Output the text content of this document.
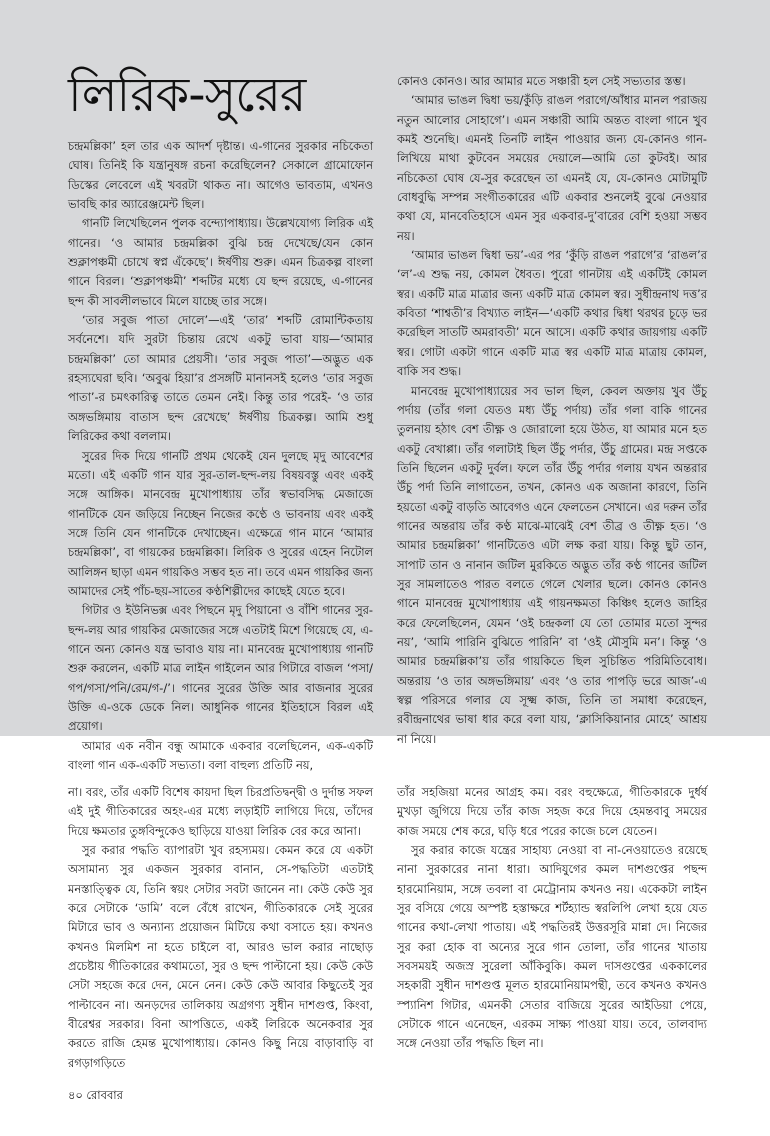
লিরিক-সুরের

চন্দ্রমল্লিকা’ হল তার এক আদর্শ দৃষ্টান্ত। এ-গানের সুরকার নচিকেতা ঘোষ। তিনিই কি যন্ত্রানুষঙ্গ রচনা করেছিলেন? সেকালে গ্রামোফোন ডিস্কের লেবেলে এই খবরটা থাকত না। আগেও ভাবতাম, এখনও ভাবছি কার অ্যারেঞ্জমেন্ট ছিল।

গানটি লিখেছিলেন পুলক বন্দ্যোপাধ্যায়। উল্লেখযোগ্য লিরিক এই গানের। ‘ও আমার চন্দ্রমল্লিকা বুঝি চন্দ্র দেখেছে/যেন কোন শুক্লাপঞ্চমী চোখে স্বপ্ন এঁকেছে’। ঈর্ষণীয় শুরু। এমন চিত্রকল্প বাংলা গানে বিরল। ‘শুক্লাপঞ্চমী’ শব্দটির মধ্যে যে ছন্দ রয়েছে, এ-গানের ছন্দ কী সাবলীলভাবে মিলে যাচ্ছে তার সঙ্গে।

‘তার সবুজ পাতা দোলে’—এই ‘তার’ শব্দটি রোমান্টিকতায় সর্বনেশে। যদি সুরটা চিন্তায় রেখে একটু ভাবা যায়—‘আমার চন্দ্রমল্লিকা’ তো আমার প্রেয়সী। ‘তার সবুজ পাতা’—অদ্ভুত এক রহস্যঘেরা ছবি। ‘অবুঝ হিয়া’র প্রসঙ্গটি মানানসই হলেও ‘তার সবুজ পাতা’-র চমৎকারিত্ব তাতে তেমন নেই। কিন্তু তার পরেই- ‘ও তার অঙ্গভঙ্গিমায় বাতাস ছন্দ রেখেছে’ ঈর্ষণীয় চিত্রকল্প। আমি শুধু লিরিকের কথা বললাম।

সুরের দিক দিয়ে গানটি প্রথম থেকেই যেন দুলছে মৃদু আবেশের মতো। এই একটি গান যার সুর-তাল-ছন্দ-লয় বিষয়বস্তু এবং একই সঙ্গে আঙ্গিক। মানবেন্দ্র মুখোপাধ্যায় তাঁর স্বভাবসিদ্ধ মেজাজে গানটিকে যেন জড়িয়ে নিচ্ছেন নিজের কণ্ঠে ও ভাবনায় এবং একই সঙ্গে তিনি যেন গানটিকে দেখাচ্ছেন। এক্ষেত্রে গান মানে ‘আমার চন্দ্রমল্লিকা’, বা গায়কের চন্দ্রমল্লিকা। লিরিক ও সুরের এহেন নিটোল আলিঙ্গন ছাড়া এমন গায়কিও সম্ভব হত না। তবে এমন গায়কির জন্য আমাদের সেই পাঁচ-ছয়-সাতের কণ্ঠশিল্পীদের কাছেই যেতে হবে।

গিটার ও ইউনিভক্স এবং পিছনে মৃদু পিয়ানো ও বাঁশি গানের সুর-ছন্দ-লয় আর গায়কির মেজাজের সঙ্গে এতটাই মিশে গিয়েছে যে, এ-গানে অন্য কোনও যন্ত্র ভাবাও যায় না। মানবেন্দ্র মুখোপাধ্যায় গানটি শুরু করলেন, একটি মাত্র লাইন গাইলেন আর গিটারে বাজল ‘পসা/গপ/গসা/পনি/রেম/গ-/’। গানের সুরের উক্তি আর বাজনার সুরের উক্তি এ-ওকে ডেকে নিল। আধুনিক গানের ইতিহাসে বিরল এই প্রয়োগ।

আমার এক নবীন বন্ধু আমাকে একবার বলেছিলেন, এক-একটি বাংলা গান এক-একটি সভ্যতা। বলা বাহুল্য প্রতিটি নয়,

কোনও কোনও। আর আমার মতে সঞ্চারী হল সেই সভ্যতার স্তম্ভ।

‘আমার ভাঙল দ্বিধা ভয়/কুঁড়ি রাঙল পরাগে/আঁধার মানল পরাজয় নতুন আলোর সোহাগে’। এমন সঞ্চারী আমি অন্তত বাংলা গানে খুব কমই শুনেছি। এমনই তিনটি লাইন পাওয়ার জন্য যে-কোনও গান-লিখিয়ে মাথা কুটবেন সময়ের দেয়ালে—আমি তো কুটবই। আর নচিকেতা ঘোষ যে-সুর করেছেন তা এমনই যে, যে-কোনও মোটামুটি বোধবুদ্ধি সম্পন্ন সংগীতকারের এটি একবার শুনলেই বুঝে নেওয়ার কথা যে, মানবেতিহাসে এমন সুর একবার-দু’বারের বেশি হওয়া সম্ভব নয়।

‘আমার ভাঙল দ্বিধা ভয়’-এর পর ‘কুঁড়ি রাঙল পরাগে’র ‘রাঙল’র ‘ল’-এ শুদ্ধ নয়, কোমল ধৈবত। পুরো গানটায় এই একটিই কোমল স্বর। একটি মাত্র মাত্রার জন্য একটি মাত্র কোমল স্বর। সুধীন্দ্রনাথ দত্ত’র কবিতা ‘শাশ্বতী’র বিখ্যাত লাইন—‘একটি কথার দ্বিধা থরথর চূড়ে ভর করেছিল সাতটি অমরাবতী’ মনে আসে। একটি কথার জায়গায় একটি স্বর। গোটা একটা গানে একটি মাত্র স্বর একটি মাত্র মাত্রায় কোমল, বাকি সব শুদ্ধ।

মানবেন্দ্র মুখোপাধ্যায়ের সব ভাল ছিল, কেবল অক্তায় খুব উঁচু পর্দায় (তাঁর গলা যেতও মধ্য উঁচু পর্দায়) তাঁর গলা বাকি গানের তুলনায় হঠাৎ বেশ তীক্ষ্ণ ও জোরালো হয়ে উঠত, যা আমার মনে হত একটু বেখাপ্পা। তাঁর গলাটাই ছিল উঁচু পর্দার, উঁচু গ্রামের। মন্দ্র সপ্তকে তিনি ছিলেন একটু দুর্বল। ফলে তাঁর উঁচু পর্দার গলায় যখন অন্তরার উঁচু পর্দা তিনি লাগাতেন, তখন, কোনও এক অজানা কারণে, তিনি হয়তো একটু বাড়তি আবেগও এনে ফেলতেন সেখানে। এর দরুন তাঁর গানের অন্তরায় তাঁর কণ্ঠ মাঝে-মাঝেই বেশ তীব্র ও তীক্ষ্ণ হত। ‘ও আমার চন্দ্রমল্লিকা’ গানটিতেও এটা লক্ষ করা যায়। কিন্তু ছুট তান, সাপাট তান ও নানান জটিল মুরকিতে অদ্ভুত তাঁর কণ্ঠ গানের জটিল সুর সামলাতেও পারত বলতে গেলে খেলার ছলে। কোনও কোনও গানে মানবেন্দ্র মুখোপাধ্যায় এই গায়নক্ষমতা কিঞ্চিৎ হলেও জাহির করে ফেলেছিলেন, যেমন ‘ওই চন্দ্রকলা যে তো তোমার মতো সুন্দর নয়’, ‘আমি পারিনি বুঝিতে পারিনি’ বা ‘ওই মৌসুমি মন’। কিন্তু ‘ও আমার চন্দ্রমল্লিকা’য় তাঁর গায়কিতে ছিল সুচিন্তিত পরিমিতিবোধ। অন্তরায় ‘ও তার অঙ্গভঙ্গিমায়’ এবং ‘ও তার পাপড়ি ভরে আজ’-এ স্বল্প পরিসরে গলার যে সূক্ষ্ম কাজ, তিনি তা সমাধা করেছেন, রবীন্দ্রনাথের ভাষা ধার করে বলা যায়, ‘ক্লাসিকিয়ানার মোহে’ আশ্রয় না নিয়ে।

না। বরং, তাঁর একটি বিশেষ কায়দা ছিল চিরপ্রতিদ্বন্দ্বী ও দুর্দান্ত সফল এই দুই গীতিকারের অহং-এর মধ্যে লড়াইটি লাগিয়ে দিয়ে, তাঁদের দিয়ে ক্ষমতার তুঙ্গবিন্দুকেও ছাড়িয়ে যাওয়া লিরিক বের করে আনা।

সুর করার পদ্ধতি ব্যাপারটা খুব রহস্যময়। কেমন করে যে একটা অসামান্য সুর একজন সুরকার বানান, সে-পদ্ধতিটা এতটাই মনস্তাত্ত্বিক যে, তিনি স্বয়ং সেটার সবটা জানেন না। কেউ কেউ সুর করে সেটাকে ‘ডামি’ বলে বেঁধে রাখেন, গীতিকারকে সেই সুরের মিটারে ভাব ও অন্যান্য প্রয়োজন মিটিয়ে কথা বসাতে হয়। কখনও কখনও মিলমিশ না হতে চাইলে বা, আরও ভাল করার নাছোড় প্রচেষ্টায় গীতিকারের কথামতো, সুর ও ছন্দ পাল্টানো হয়। কেউ কেউ সেটা সহজে করে দেন, মেনে নেন। কেউ কেউ আবার কিছুতেই সুর পাল্টাবেন না। অনড়দের তালিকায় অগ্রগণ্য সুধীন দাশগুপ্ত, কিংবা, বীরেশ্বর সরকার। বিনা আপত্তিতে, একই লিরিকে অনেকবার সুর করতে রাজি হেমন্ত মুখোপাধ্যায়। কোনও কিছু নিয়ে বাড়াবাড়ি বা রগড়াগড়িতে

তাঁর সহজিয়া মনের আগ্রহ কম। বরং বহুক্ষেত্রে, গীতিকারকে দুর্ধর্ষ মুখড়া জুগিয়ে দিয়ে তাঁর কাজ সহজ করে দিয়ে হেমন্তবাবু সময়ের কাজ সময়ে শেষ করে, ঘড়ি ধরে পরের কাজে চলে যেতেন।

সুর করার কাজে যন্ত্রের সাহায্য নেওয়া বা না-নেওয়াতেও রয়েছে নানা সুরকারের নানা ধারা। আদিযুগের কমল দাশগুপ্তের পছন্দ হারমোনিয়াম, সঙ্গে তবলা বা মেট্রোনাম কখনও নয়। একেকটা লাইন সুর বসিয়ে গেয়ে অস্পষ্ট হস্তাক্ষরে শর্টহ্যান্ড স্বরলিপি লেখা হয়ে যেত গানের কথা-লেখা পাতায়। এই পদ্ধতিরই উত্তরসূরি মান্না দে। নিজের সুর করা হোক বা অন্যের সুরে গান তোলা, তাঁর গানের খাতায় সবসময়ই অজস্র সুরেলা আঁকিবুকি। কমল দাসগুপ্তের এককালের সহকারী সুধীন দাশগুপ্ত মূলত হারমোনিয়ামপন্থী, তবে কখনও কখনও স্প্যানিশ গিটার, এমনকী সেতার বাজিয়ে সুরের আইডিয়া পেয়ে, সেটাকে গানে এনেছেন, এরকম সাক্ষ্য পাওয়া যায়। তবে, তালবাদ্য সঙ্গে নেওয়া তাঁর পদ্ধতি ছিল না।

৪০ রোববার
